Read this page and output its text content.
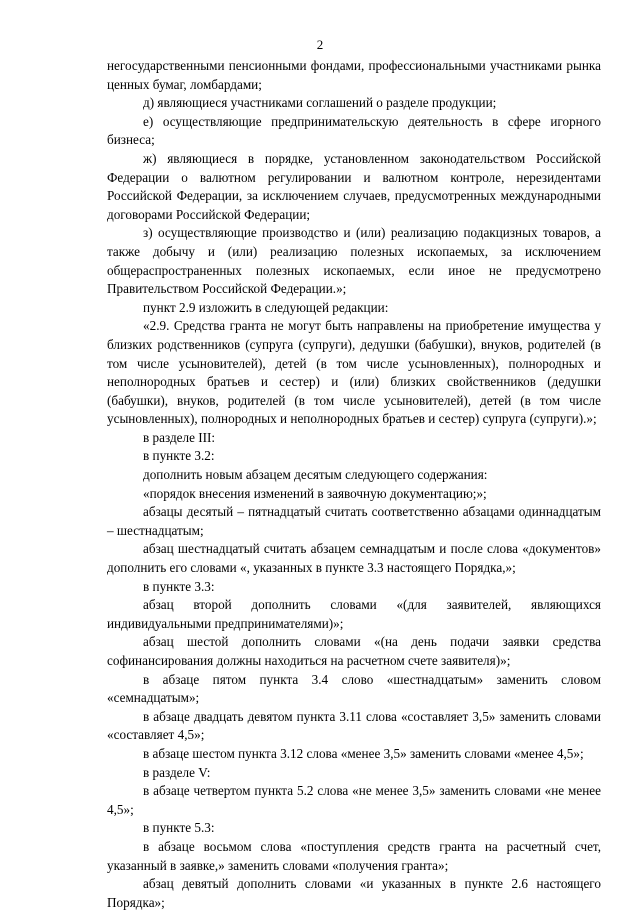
2

негосударственными пенсионными фондами, профессиональными участниками рынка ценных бумаг, ломбардами;

д) являющиеся участниками соглашений о разделе продукции;

е) осуществляющие предпринимательскую деятельность в сфере игорного бизнеса;

ж) являющиеся в порядке, установленном законодательством Российской Федерации о валютном регулировании и валютном контроле, нерезидентами Российской Федерации, за исключением случаев, предусмотренных международными договорами Российской Федерации;

з) осуществляющие производство и (или) реализацию подакцизных товаров, а также добычу и (или) реализацию полезных ископаемых, за исключением общераспространенных полезных ископаемых, если иное не предусмотрено Правительством Российской Федерации.»;

пункт 2.9 изложить в следующей редакции:

«2.9. Средства гранта не могут быть направлены на приобретение имущества у близких родственников (супруга (супруги), дедушки (бабушки), внуков, родителей (в том числе усыновителей), детей (в том числе усыновленных), полнородных и неполнородных братьев и сестер) и (или) близких свойственников (дедушки (бабушки), внуков, родителей (в том числе усыновителей), детей (в том числе усыновленных), полнородных и неполнородных братьев и сестер) супруга (супруги).»;

в разделе III:

в пункте 3.2:

дополнить новым абзацем десятым следующего содержания:

«порядок внесения изменений в заявочную документацию;»;

абзацы десятый – пятнадцатый считать соответственно абзацами одиннадцатым – шестнадцатым;

абзац шестнадцатый считать абзацем семнадцатым и после слова «документов» дополнить его словами «, указанных в пункте 3.3 настоящего Порядка,»;

в пункте 3.3:

абзац второй дополнить словами «(для заявителей, являющихся индивидуальными предпринимателями)»;

абзац шестой дополнить словами «(на день подачи заявки средства софинансирования должны находиться на расчетном счете заявителя)»;

в абзаце пятом пункта 3.4 слово «шестнадцатым» заменить словом «семнадцатым»;

в абзаце двадцать девятом пункта 3.11 слова «составляет 3,5» заменить словами «составляет 4,5»;

в абзаце шестом пункта 3.12 слова «менее 3,5» заменить словами «менее 4,5»;

в разделе V:

в абзаце четвертом пункта 5.2 слова «не менее 3,5» заменить словами «не менее 4,5»;

в пункте 5.3:

в абзаце восьмом слова «поступления средств гранта на расчетный счет, указанный в заявке,» заменить словами «получения гранта»;

абзац девятый дополнить словами «и указанных в пункте 2.6 настоящего Порядка»;
